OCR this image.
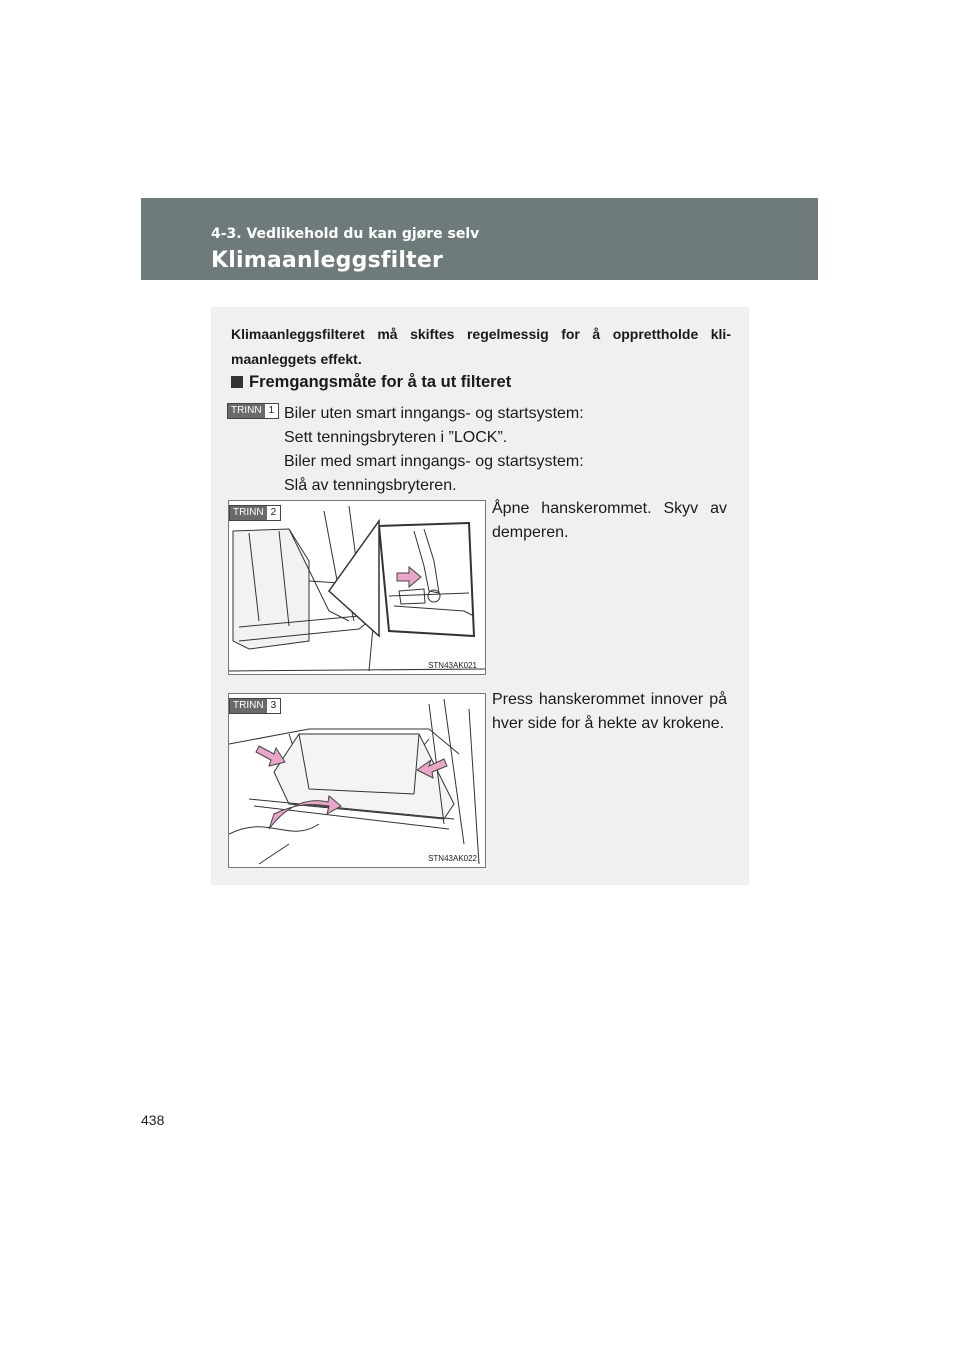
4-3. Vedlikehold du kan gjøre selv
Klimaanleggsfilter
Klimaanleggsfilteret må skiftes regelmessig for å opprettholde kli-maanleggets effekt.
Fremgangsmåte for å ta ut filteret
TRINN 1 Biler uten smart inngangs- og startsystem:
Sett tenningsbryteren i ”LOCK”.
Biler med smart inngangs- og startsystem:
Slå av tenningsbryteren.
TRINN 2
STN43AK021
Åpne hanskerommet. Skyv av demperen.
TRINN 3
STN43AK022
Press hanskerommet innover på hver side for å hekte av krokene.
438
